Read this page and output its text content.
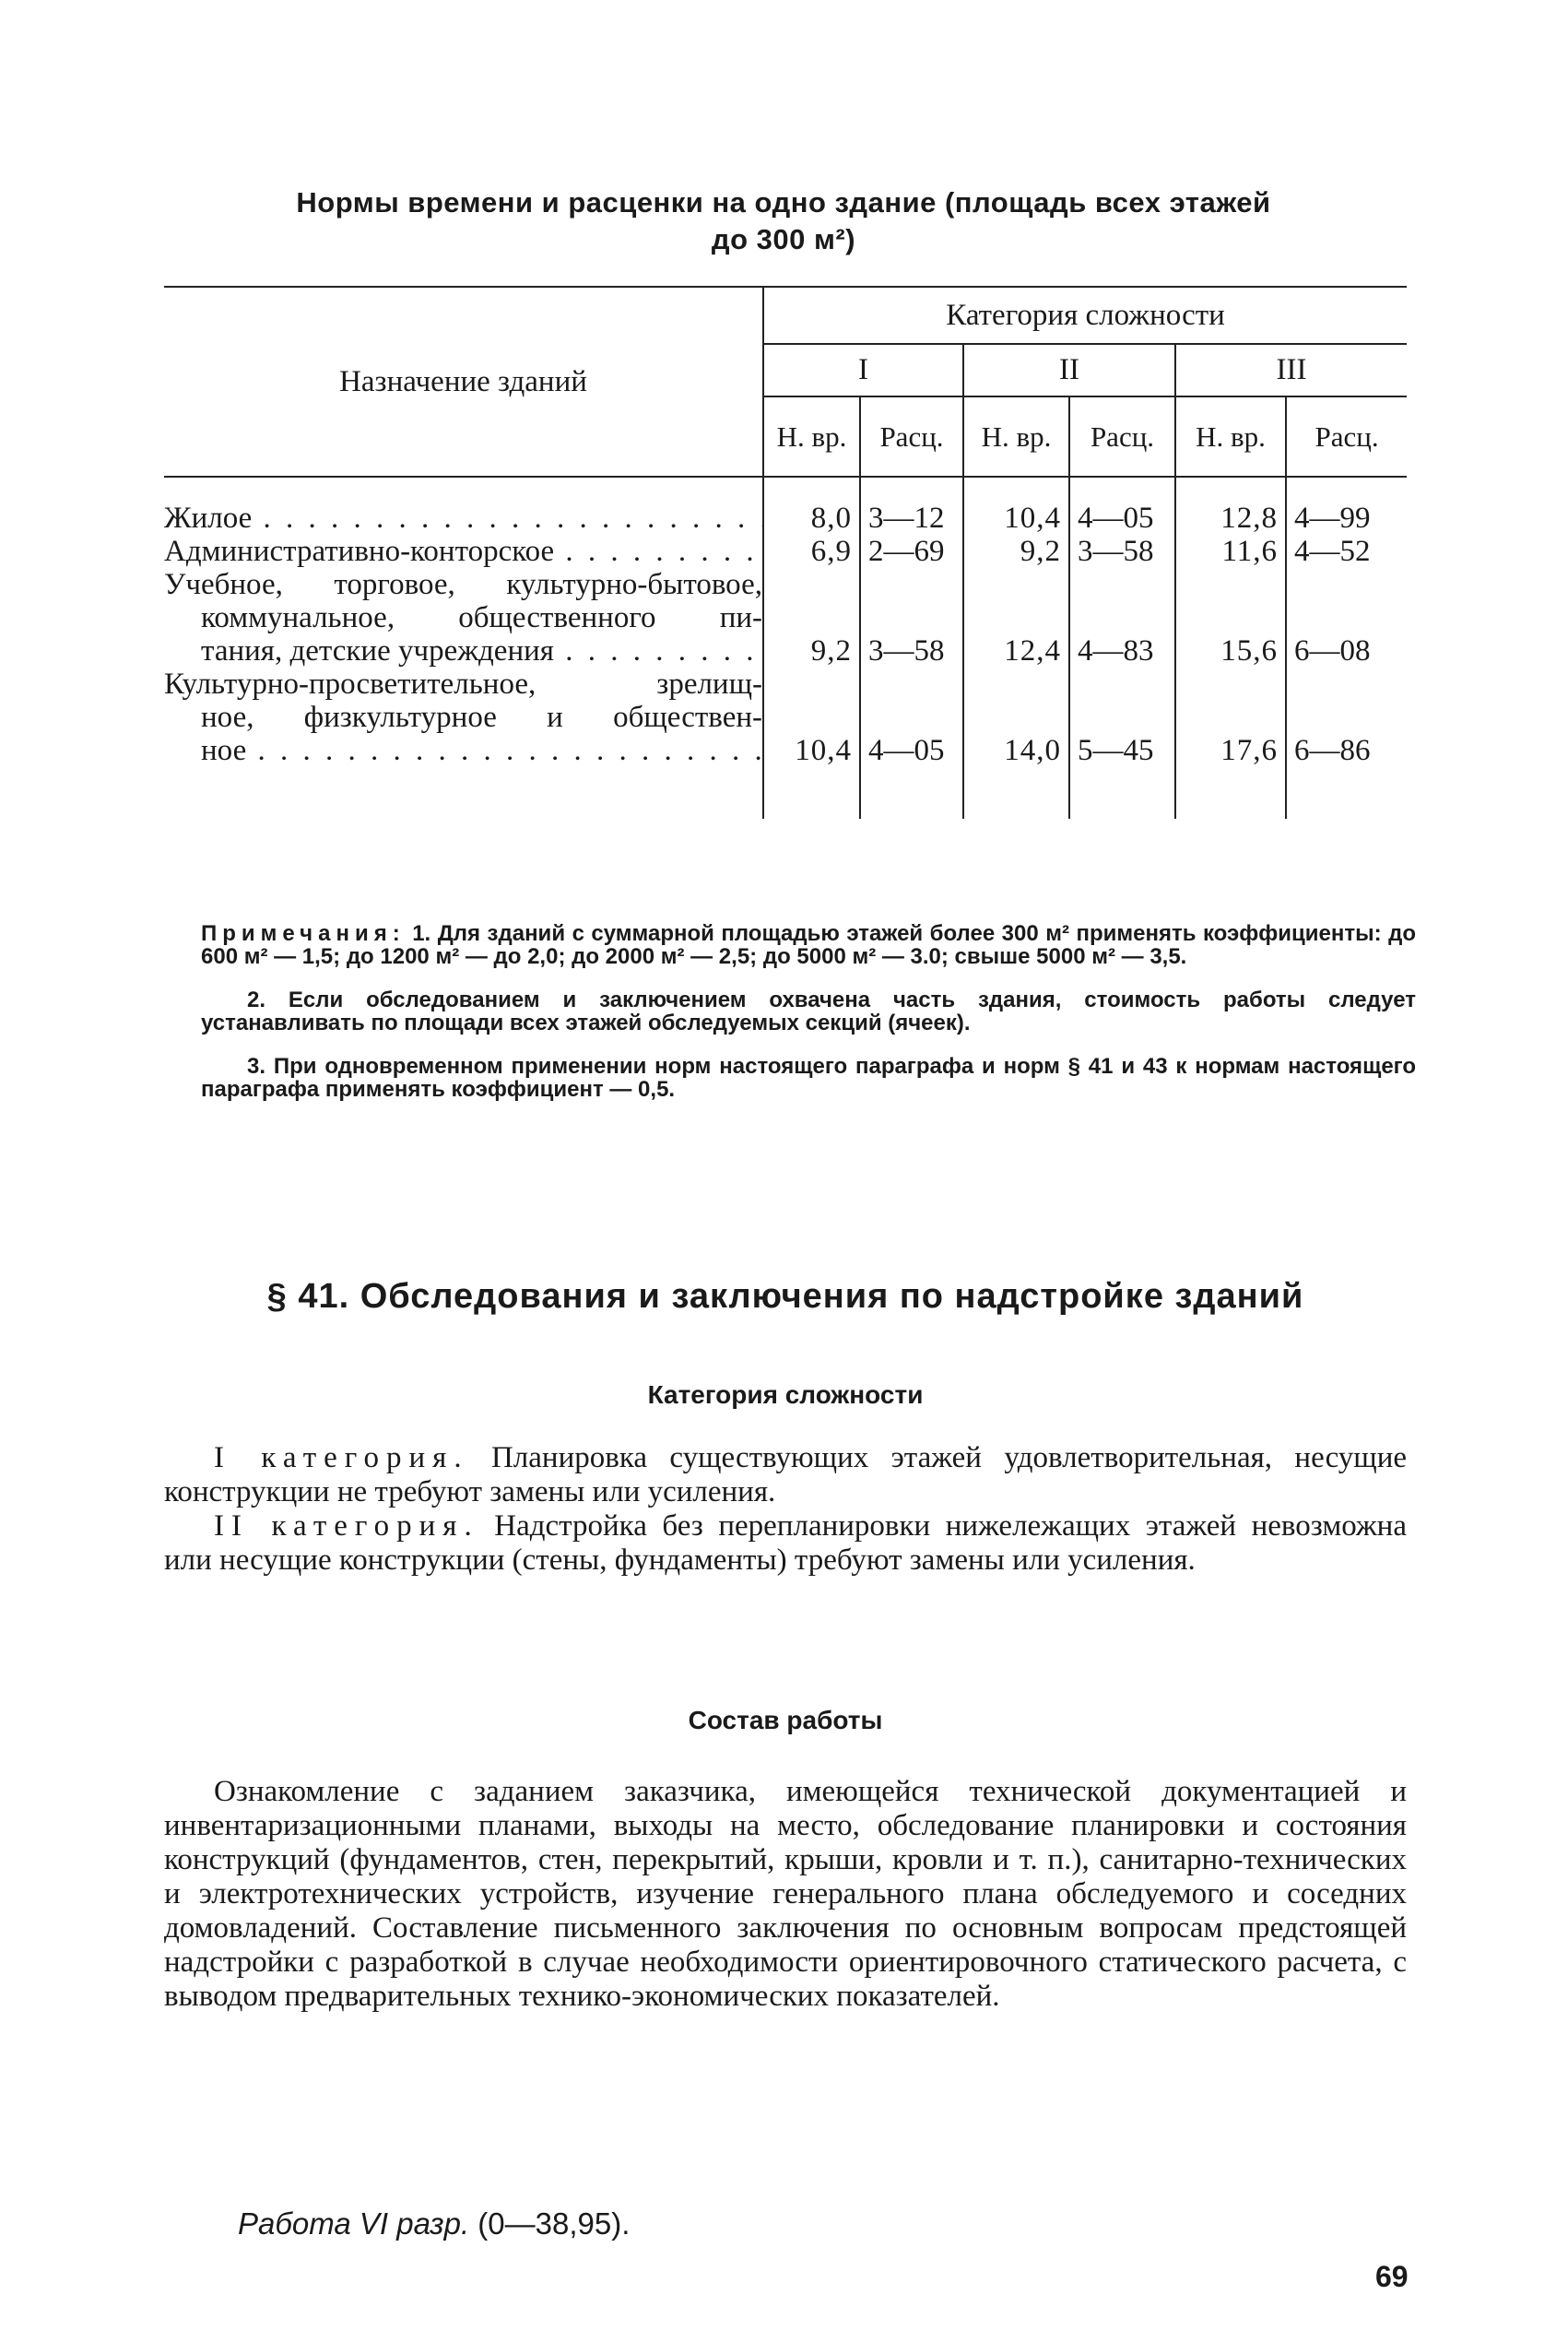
Нормы времени и расценки на одно здание (площадь всех этажей
до 300 м²)
Назначение зданий	Категория сложности					
	I		II		III	
	Н. вр.	Расц.	Н. вр.	Расц.	Н. вр.	Расц.

Жилое . . .	8,0	3—12	10,4	4—05	12,8	4—99

Административно-конторское . . .	6,9	2—69	9,2	3—58	11,6	4—52

Учебное, торговое, культурно-бытовое,
коммунальное, общественного пи-
тания, детские учреждения . . .	9,2	3—58	12,4	4—83	15,6	6—08

Культурно-просветительное, зрелищ-
ное, физкультурное и обществен-
ное . . .	10,4	4—05	14,0	5—45	17,6	6—86

Примечания: 1. Для зданий с суммарной площадью этажей более 300 м² применять коэффициенты: до 600 м² — 1,5; до 1200 м² — до 2,0; до 2000 м² — 2,5; до 5000 м² — 3.0; свыше 5000 м² — 3,5.

2. Если обследованием и заключением охвачена часть здания, стоимость работы следует устанавливать по площади всех этажей обследуемых секций (ячеек).

3. При одновременном применении норм настоящего параграфа и норм § 41 и 43 к нормам настоящего параграфа применять коэффициент — 0,5.

§ 41. Обследования и заключения по надстройке зданий
Категория сложности

I категория. Планировка существующих этажей удовлетворительная, несущие конструкции не требуют замены или усиления.

II категория. Надстройка без перепланировки нижележащих этажей невозможна или несущие конструкции (стены, фундаменты) требуют замены или усиления.

Состав работы

Ознакомление с заданием заказчика, имеющейся технической документацией и инвентаризационными планами, выходы на место, обследование планировки и состояния конструкций (фундаментов, стен, перекрытий, крыши, кровли и т. п.), санитарно-технических и электротехнических устройств, изучение генерального плана обследуемого и соседних домовладений. Составление письменного заключения по основным вопросам предстоящей надстройки с разработкой в случае необходимости ориентировочного статического расчета, с выводом предварительных технико-экономических показателей.

Работа VI разр. (0—38,95).
69
